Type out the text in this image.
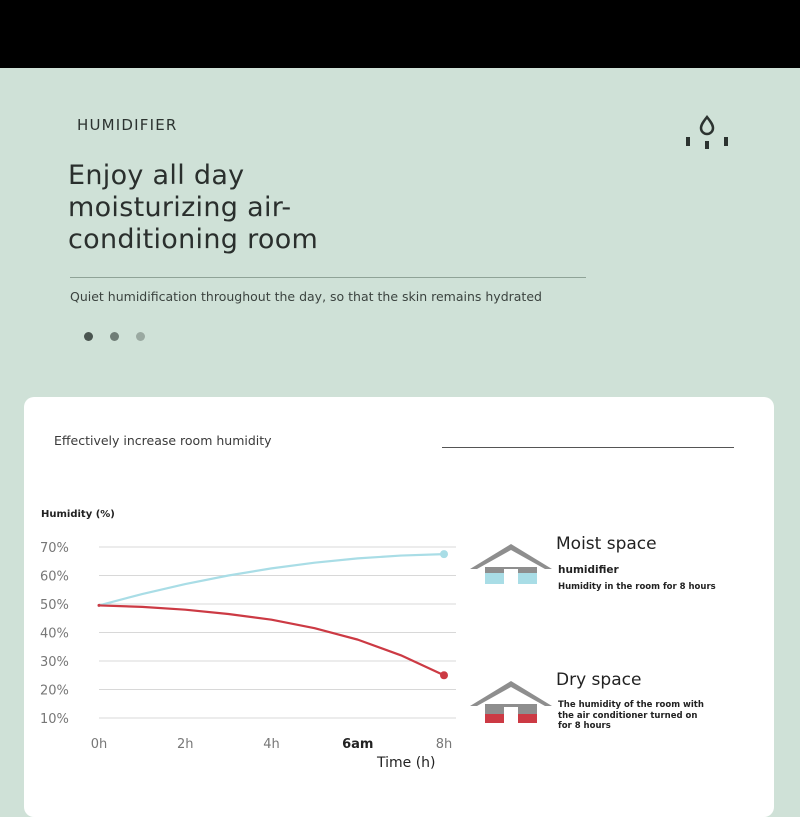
HUMIDIFIER
Enjoy all day
moisturizing air-
conditioning room
Quiet humidification throughout the day, so that the skin remains hydrated
Effectively increase room humidity
Humidity (%)
70%
60%
50%
40%
30%
20%
10%
0h	2h	4h	6am	8h
Time (h)
Moist space
humidifier
Humidity in the room for 8 hours
Dry space
The humidity of the room with
the air conditioner turned on
for 8 hours
